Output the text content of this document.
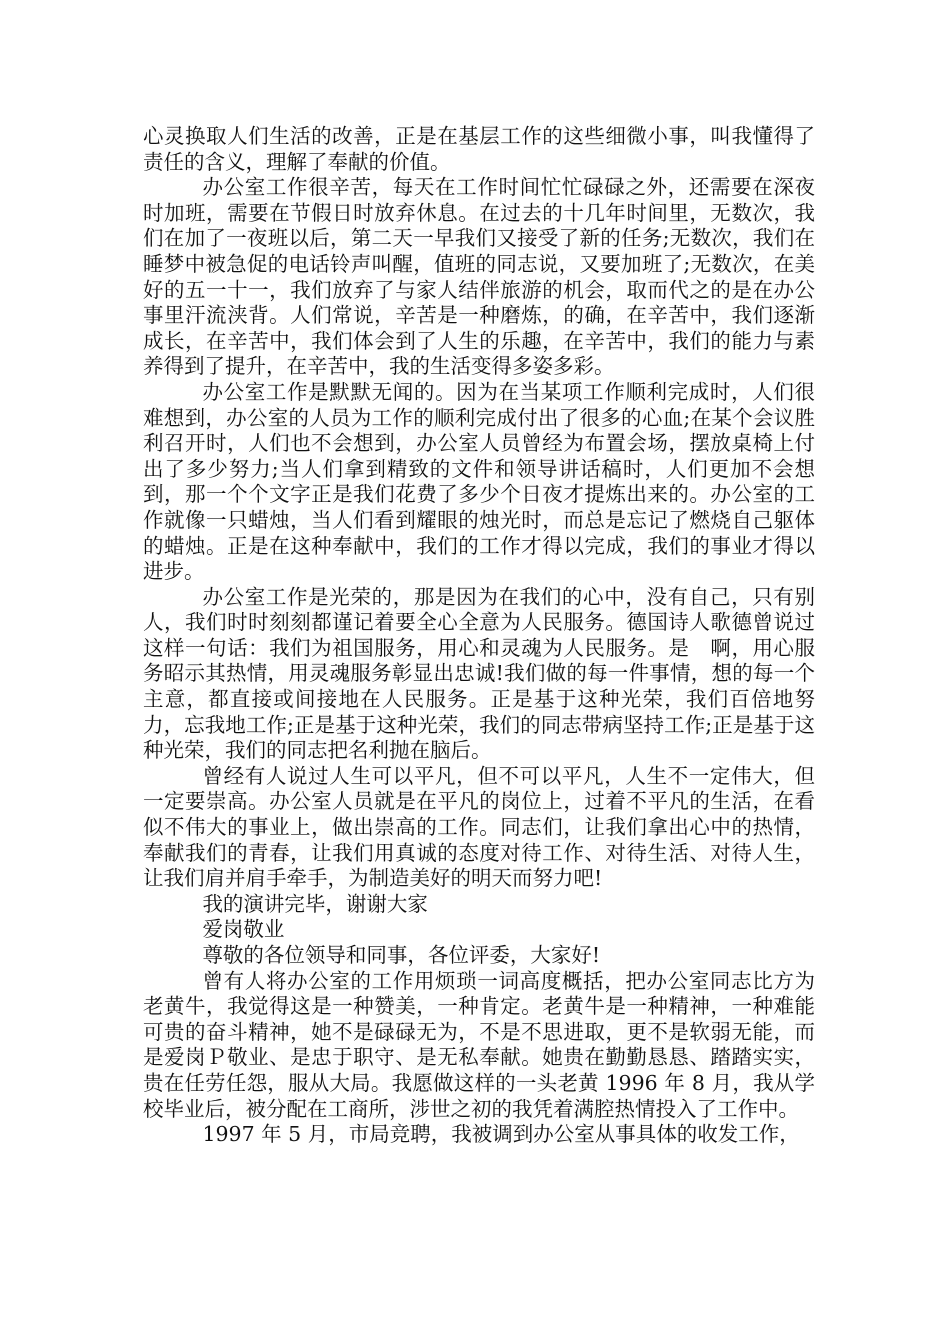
心灵换取人们生活的改善，正是在基层工作的这些细微小事，叫我懂得了责任的含义，理解了奉献的价值。

办公室工作很辛苦，每天在工作时间忙忙碌碌之外，还需要在深夜时加班，需要在节假日时放弃休息。在过去的十几年时间里，无数次，我们在加了一夜班以后，第二天一早我们又接受了新的任务;无数次，我们在睡梦中被急促的电话铃声叫醒，值班的同志说，又要加班了;无数次，在美好的五一十一，我们放弃了与家人结伴旅游的机会，取而代之的是在办公事里汗流浃背。人们常说，辛苦是一种磨炼，的确，在辛苦中，我们逐渐成长，在辛苦中，我们体会到了人生的乐趣，在辛苦中，我们的能力与素养得到了提升，在辛苦中，我的生活变得多姿多彩。

办公室工作是默默无闻的。因为在当某项工作顺利完成时，人们很难想到，办公室的人员为工作的顺利完成付出了很多的心血;在某个会议胜利召开时，人们也不会想到，办公室人员曾经为布置会场，摆放桌椅上付出了多少努力;当人们拿到精致的文件和领导讲话稿时，人们更加不会想到，那一个个文字正是我们花费了多少个日夜才提炼出来的。办公室的工作就像一只蜡烛，当人们看到耀眼的烛光时，而总是忘记了燃烧自己躯体的蜡烛。正是在这种奉献中，我们的工作才得以完成，我们的事业才得以进步。

办公室工作是光荣的，那是因为在我们的心中，没有自己，只有别人，我们时时刻刻都谨记着要全心全意为人民服务。德国诗人歌德曾说过这样一句话：我们为祖国服务，用心和灵魂为人民服务。是　啊，用心服务昭示其热情，用灵魂服务彰显出忠诚!我们做的每一件事情，想的每一个主意，都直接或间接地在人民服务。正是基于这种光荣，我们百倍地努力，忘我地工作;正是基于这种光荣，我们的同志带病坚持工作;正是基于这种光荣，我们的同志把名利抛在脑后。

曾经有人说过人生可以平凡，但不可以平凡，人生不一定伟大，但一定要崇高。办公室人员就是在平凡的岗位上，过着不平凡的生活，在看似不伟大的事业上，做出崇高的工作。同志们，让我们拿出心中的热情，奉献我们的青春，让我们用真诚的态度对待工作、对待生活、对待人生，让我们肩并肩手牵手，为制造美好的明天而努力吧!

我的演讲完毕，谢谢大家

爱岗敬业

尊敬的各位领导和同事，各位评委，大家好!

曾有人将办公室的工作用烦琐一词高度概括，把办公室同志比方为老黄牛，我觉得这是一种赞美，一种肯定。老黄牛是一种精神，一种难能可贵的奋斗精神，她不是碌碌无为，不是不思进取，更不是软弱无能，而是爱岗Ｐ敬业、是忠于职守、是无私奉献。她贵在勤勤恳恳、踏踏实实，贵在任劳任怨，服从大局。我愿做这样的一头老黄 1996 年 8 月，我从学校毕业后，被分配在工商所，涉世之初的我凭着满腔热情投入了工作中。

1997 年 5 月，市局竞聘，我被调到办公室从事具体的收发工作，
